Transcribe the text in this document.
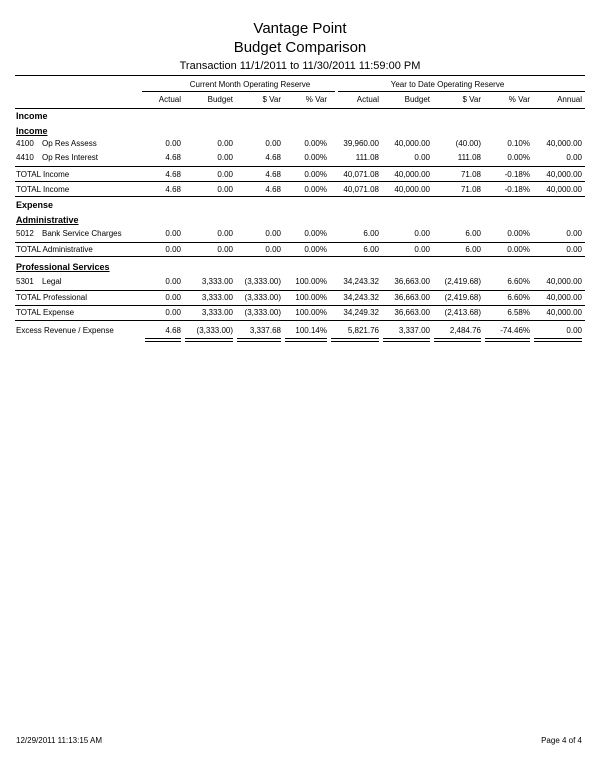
Vantage Point
Budget Comparison
Transaction 11/1/2011 to 11/30/2011 11:59:00 PM
Current Month Operating Reserve	Year to Date Operating Reserve
Actual	Budget	$ Var	% Var	Actual	Budget	$ Var	% Var	Annual
Income
Income
4100 Op Res Assess	0.00	0.00	0.00	0.00%	39,960.00	40,000.00	(40.00)	0.10%	40,000.00
4410 Op Res Interest	4.68	0.00	4.68	0.00%	111.08	0.00	111.08	0.00%	0.00
TOTAL Income	4.68	0.00	4.68	0.00%	40,071.08	40,000.00	71.08	-0.18%	40,000.00
TOTAL Income	4.68	0.00	4.68	0.00%	40,071.08	40,000.00	71.08	-0.18%	40,000.00
Expense
Administrative
5012 Bank Service Charges	0.00	0.00	0.00	0.00%	6.00	0.00	6.00	0.00%	0.00
TOTAL Administrative	0.00	0.00	0.00	0.00%	6.00	0.00	6.00	0.00%	0.00
Professional Services
5301 Legal	0.00	3,333.00	(3,333.00)	100.00%	34,243.32	36,663.00	(2,419.68)	6.60%	40,000.00
TOTAL Professional	0.00	3,333.00	(3,333.00)	100.00%	34,243.32	36,663.00	(2,419.68)	6.60%	40,000.00
TOTAL Expense	0.00	3,333.00	(3,333.00)	100.00%	34,249.32	36,663.00	(2,413.68)	6.58%	40,000.00
Excess Revenue / Expense	4.68	(3,333.00)	3,337.68	100.14%	5,821.76	3,337.00	2,484.76	-74.46%	0.00
12/29/2011 11:13:15 AM	Page 4 of 4
